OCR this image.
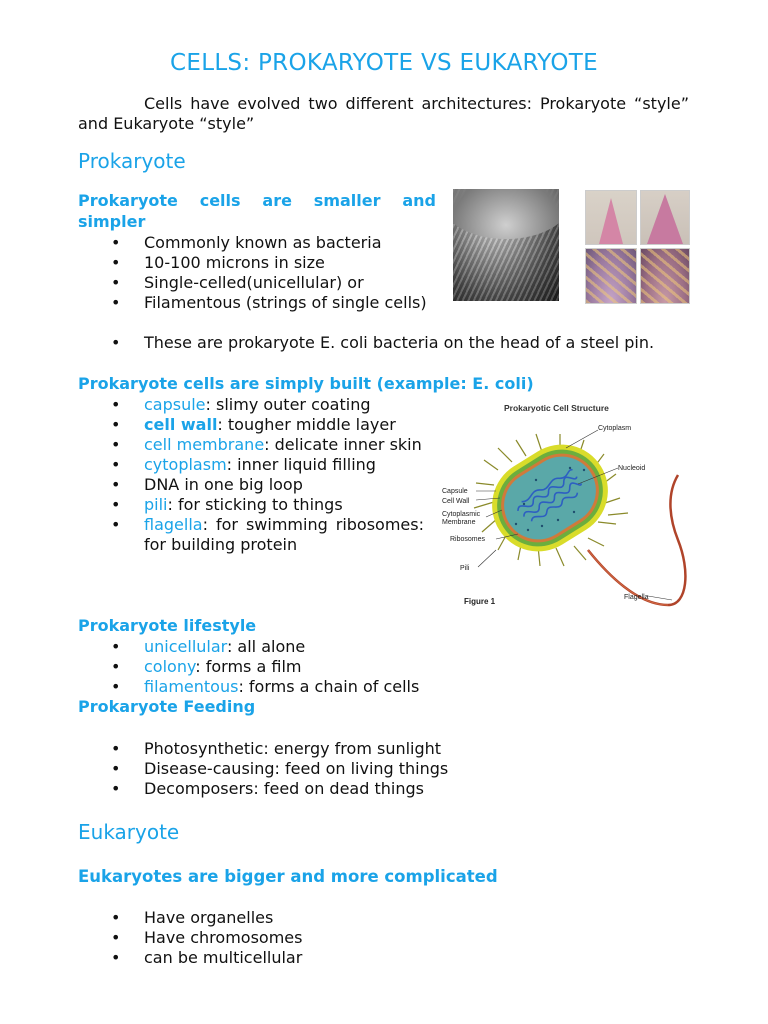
CELLS: PROKARYOTE VS EUKARYOTE
Cells have evolved two different architectures: Prokaryote “style” and Eukaryote “style”
Prokaryote
Prokaryote cells are smaller and simpler
• Commonly known as bacteria
• 10-100 microns in size
• Single-celled(unicellular) or
• Filamentous (strings of single cells)
• These are prokaryote E. coli bacteria on the head of a steel pin.
Prokaryote cells are simply built (example: E. coli)
• capsule: slimy outer coating
• cell wall: tougher middle layer
• cell membrane: delicate inner skin
• cytoplasm: inner liquid filling
• DNA in one big loop
• pili: for sticking to things
• flagella: for swimming ribosomes: for building protein
Prokaryotic Cell Structure
Cytoplasm
Nucleoid
Capsule
Cell Wall
Cytoplasmic
Membrane
Ribosomes
Pili
Flagella
Figure 1
Prokaryote lifestyle
• unicellular: all alone
• colony: forms a film
• filamentous: forms a chain of cells
Prokaryote Feeding
• Photosynthetic: energy from sunlight
• Disease-causing: feed on living things
• Decomposers: feed on dead things
Eukaryote
Eukaryotes are bigger and more complicated
• Have organelles
• Have chromosomes
• can be multicellular
